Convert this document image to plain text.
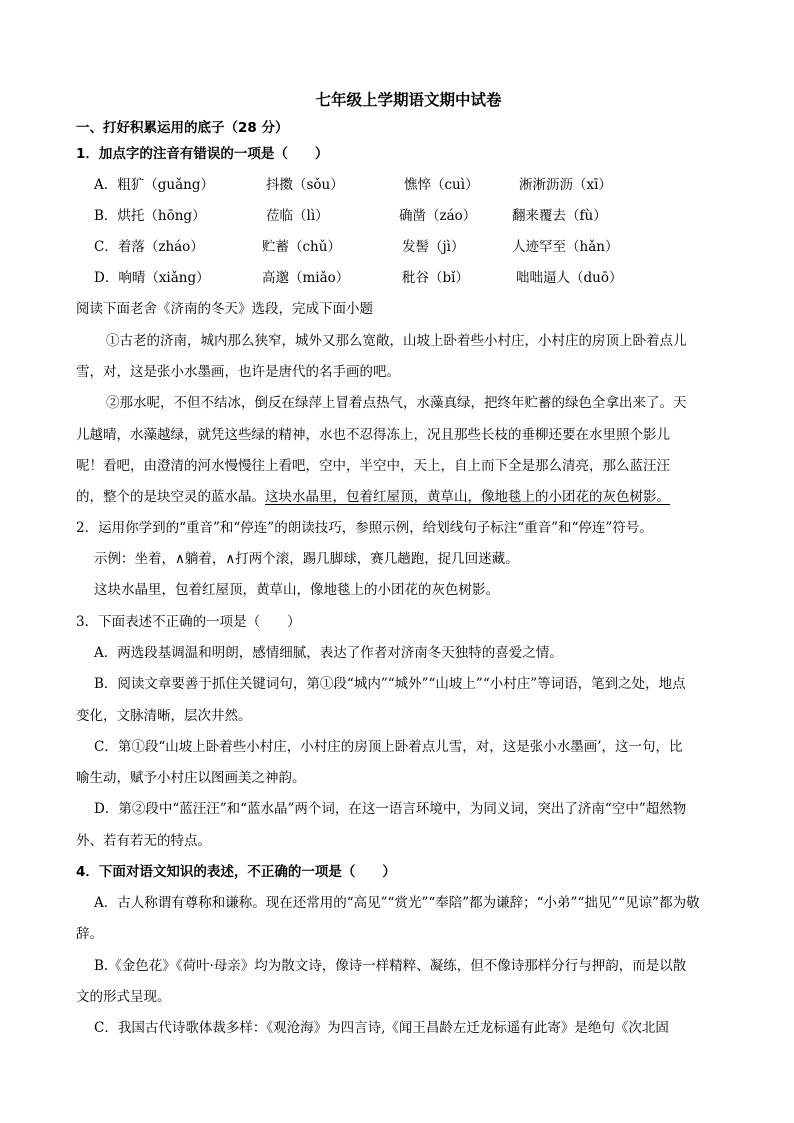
七年级上学期语文期中试卷
一、打好积累运用的底子（28 分）
1．加点字的注音有错误的一项是（　　）
A．粗犷（guǎng）	抖擞（sǒu）	憔悴（cuì）	淅淅沥沥（xī）
B．烘托（hōng）	莅临（lì）	确凿（záo）	翻来覆去（fù）
C．着落（zháo）	贮蓄（chǔ）	发髻（jì）	人迹罕至（hǎn）
D．响晴（xiǎng）	高邈（miǎo）	秕谷（bǐ）	咄咄逼人（duō）
阅读下面老舍《济南的冬天》选段，完成下面小题
①古老的济南，城内那么狭窄，城外又那么宽敞，山坡上卧着些小村庄，小村庄的房顶上卧着点儿
雪，对，这是张小水墨画，也许是唐代的名手画的吧。
②那水呢，不但不结冰，倒反在绿萍上冒着点热气，水藻真绿，把终年贮蓄的绿色全拿出来了。天
儿越晴，水藻越绿，就凭这些绿的精神，水也不忍得冻上，况且那些长枝的垂柳还要在水里照个影儿
呢！看吧，由澄清的河水慢慢往上看吧，空中，半空中，天上，自上而下全是那么清亮，那么蓝汪汪
的，整个的是块空灵的蓝水晶。这块水晶里，包着红屋顶，黄草山，像地毯上的小团花的灰色树影。
2．运用你学到的“重音”和“停连”的朗读技巧，参照示例，给划线句子标注“重音”和“停连”符号。
示例：坐着，∧躺着，∧打两个滚，踢几脚球，赛几趟跑，捉几回迷藏。
这块水晶里，包着红屋顶，黄草山，像地毯上的小团花的灰色树影。
3．下面表述不正确的一项是（　　）
A．两选段基调温和明朗，感情细腻，表达了作者对济南冬天独特的喜爱之情。
B．阅读文章要善于抓住关键词句，第①段“城内”“城外”“山坡上”“小村庄”等词语，笔到之处，地点
变化，文脉清晰，层次井然。
C．第①段“山坡上卧着些小村庄，小村庄的房顶上卧着点儿雪，对，这是张小水墨画’，这一句，比
喻生动，赋予小村庄以图画美之神韵。
D．第②段中“蓝汪汪”和“蓝水晶”两个词，在这一语言环境中，为同义词，突出了济南“空中”超然物
外、若有若无的特点。
4．下面对语文知识的表述，不正确的一项是（　　）
A．古人称谓有尊称和谦称。现在还常用的“高见”“赏光”“奉陪”都为谦辞；“小弟”“拙见”“见谅”都为敬
辞。
B.《金色花》《荷叶·母亲》均为散文诗，像诗一样精粹、凝练，但不像诗那样分行与押韵，而是以散
文的形式呈现。
C．我国古代诗歌体裁多样：《观沧海》为四言诗,《闻王昌龄左迁龙标遥有此寄》是绝句《次北固
